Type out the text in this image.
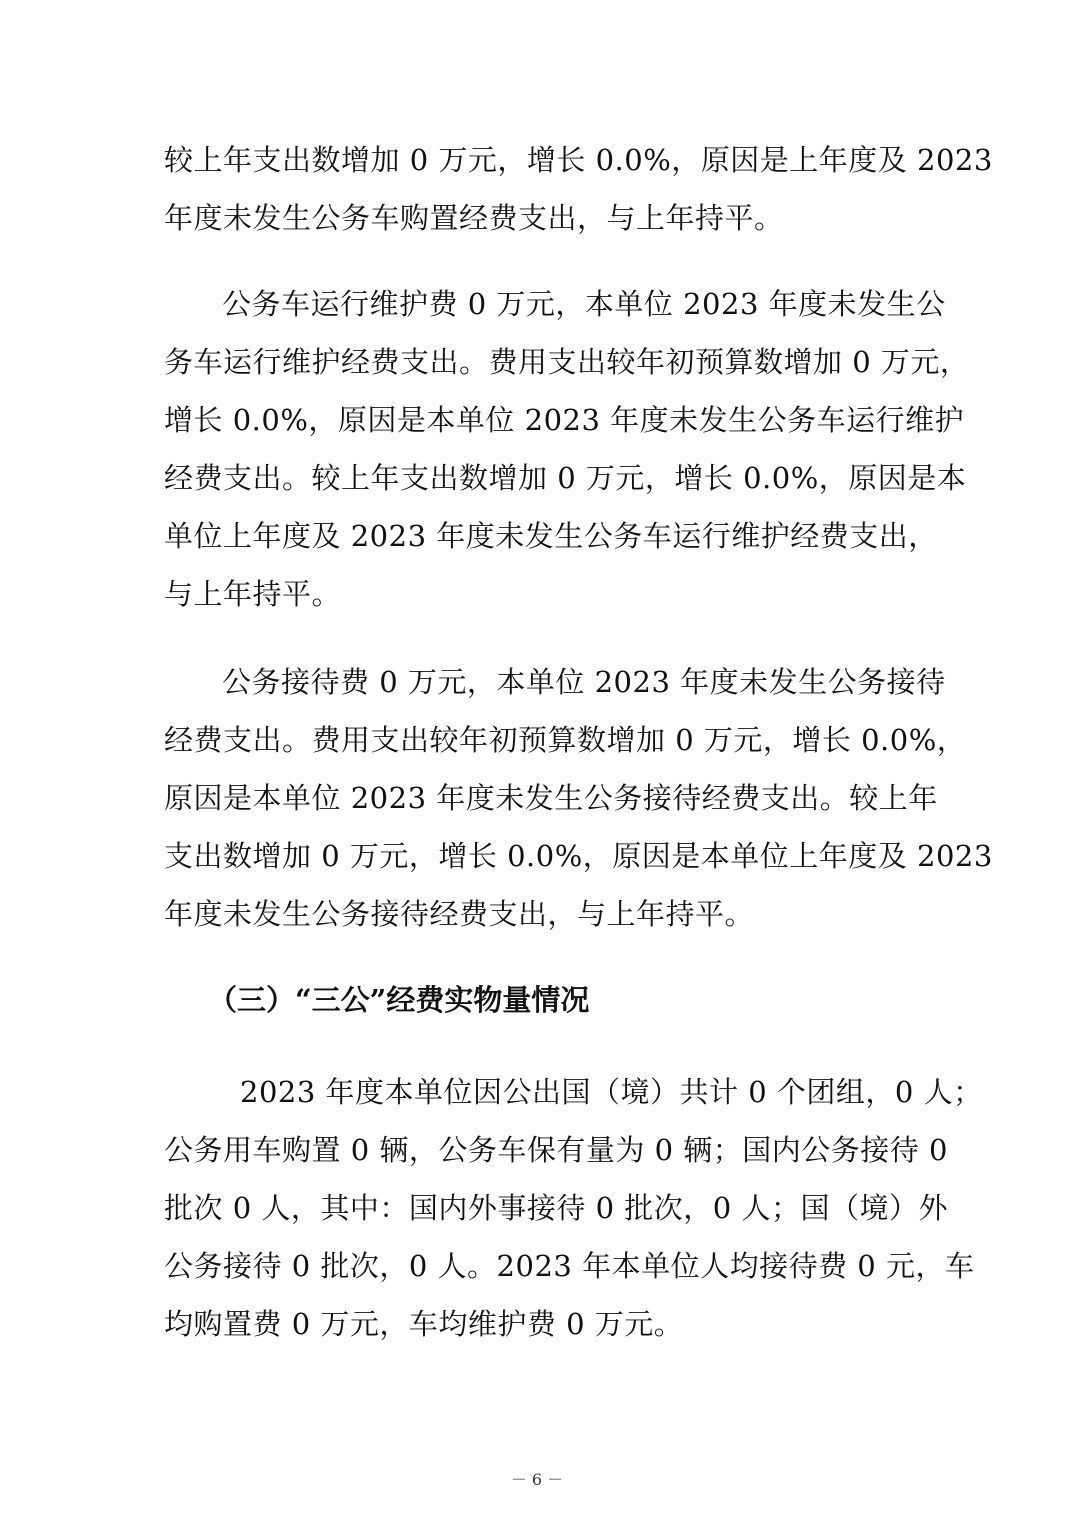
较上年支出数增加 0 万元，增长 0.0%，原因是上年度及 2023
年度未发生公务车购置经费支出，与上年持平。
公务车运行维护费 0 万元，本单位 2023 年度未发生公
务车运行维护经费支出。费用支出较年初预算数增加 0 万元，
增长 0.0%，原因是本单位 2023 年度未发生公务车运行维护
经费支出。较上年支出数增加 0 万元，增长 0.0%，原因是本
单位上年度及 2023 年度未发生公务车运行维护经费支出，
与上年持平。
公务接待费 0 万元，本单位 2023 年度未发生公务接待
经费支出。费用支出较年初预算数增加 0 万元，增长 0.0%，
原因是本单位 2023 年度未发生公务接待经费支出。较上年
支出数增加 0 万元，增长 0.0%，原因是本单位上年度及 2023
年度未发生公务接待经费支出，与上年持平。
（三）“三公”经费实物量情况
2023 年度本单位因公出国（境）共计 0 个团组，0 人；
公务用车购置 0 辆，公务车保有量为 0 辆；国内公务接待 0
批次 0 人，其中：国内外事接待 0 批次，0 人；国（境）外
公务接待 0 批次，0 人。2023 年本单位人均接待费 0 元，车
均购置费 0 万元，车均维护费 0 万元。
－ 6 －
